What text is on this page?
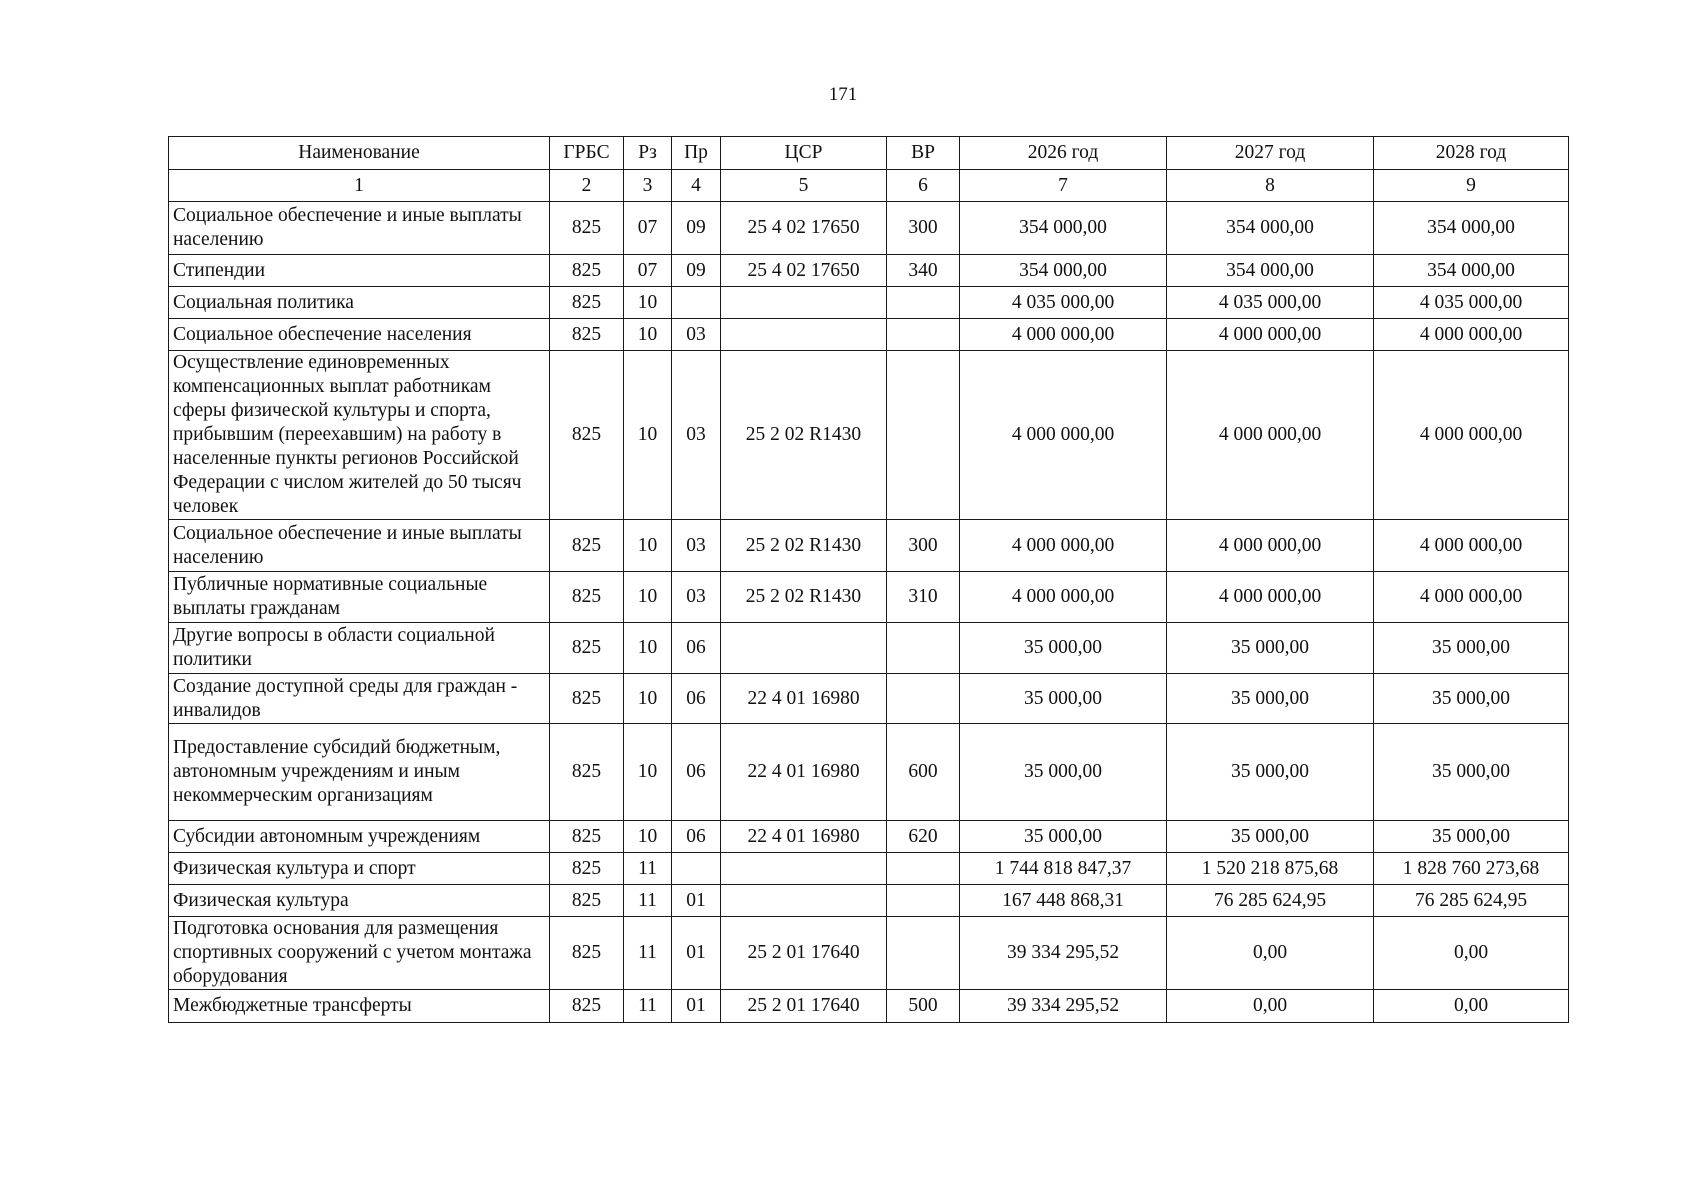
171
Наименование	ГРБС	Рз	Пр	ЦСР	ВР	2026 год	2027 год	2028 год
1	2	3	4	5	6	7	8	9
Социальное обеспечение и иные выплаты населению	825	07	09	25 4 02 17650	300	354 000,00	354 000,00	354 000,00
Стипендии	825	07	09	25 4 02 17650	340	354 000,00	354 000,00	354 000,00
Социальная политика	825	10				4 035 000,00	4 035 000,00	4 035 000,00
Социальное обеспечение населения	825	10	03			4 000 000,00	4 000 000,00	4 000 000,00
Осуществление единовременных компенсационных выплат работникам сферы физической культуры и спорта, прибывшим (переехавшим) на работу в населенные пункты регионов Российской Федерации с числом жителей до 50 тысяч человек	825	10	03	25 2 02 R1430		4 000 000,00	4 000 000,00	4 000 000,00
Социальное обеспечение и иные выплаты населению	825	10	03	25 2 02 R1430	300	4 000 000,00	4 000 000,00	4 000 000,00
Публичные нормативные социальные выплаты гражданам	825	10	03	25 2 02 R1430	310	4 000 000,00	4 000 000,00	4 000 000,00
Другие вопросы в области социальной политики	825	10	06			35 000,00	35 000,00	35 000,00
Создание доступной среды для граждан - инвалидов	825	10	06	22 4 01 16980		35 000,00	35 000,00	35 000,00
Предоставление субсидий бюджетным, автономным учреждениям и иным некоммерческим организациям	825	10	06	22 4 01 16980	600	35 000,00	35 000,00	35 000,00
Субсидии автономным учреждениям	825	10	06	22 4 01 16980	620	35 000,00	35 000,00	35 000,00
Физическая культура и спорт	825	11				1 744 818 847,37	1 520 218 875,68	1 828 760 273,68
Физическая культура	825	11	01			167 448 868,31	76 285 624,95	76 285 624,95
Подготовка основания для размещения спортивных сооружений с учетом монтажа оборудования	825	11	01	25 2 01 17640		39 334 295,52	0,00	0,00
Межбюджетные трансферты	825	11	01	25 2 01 17640	500	39 334 295,52	0,00	0,00
